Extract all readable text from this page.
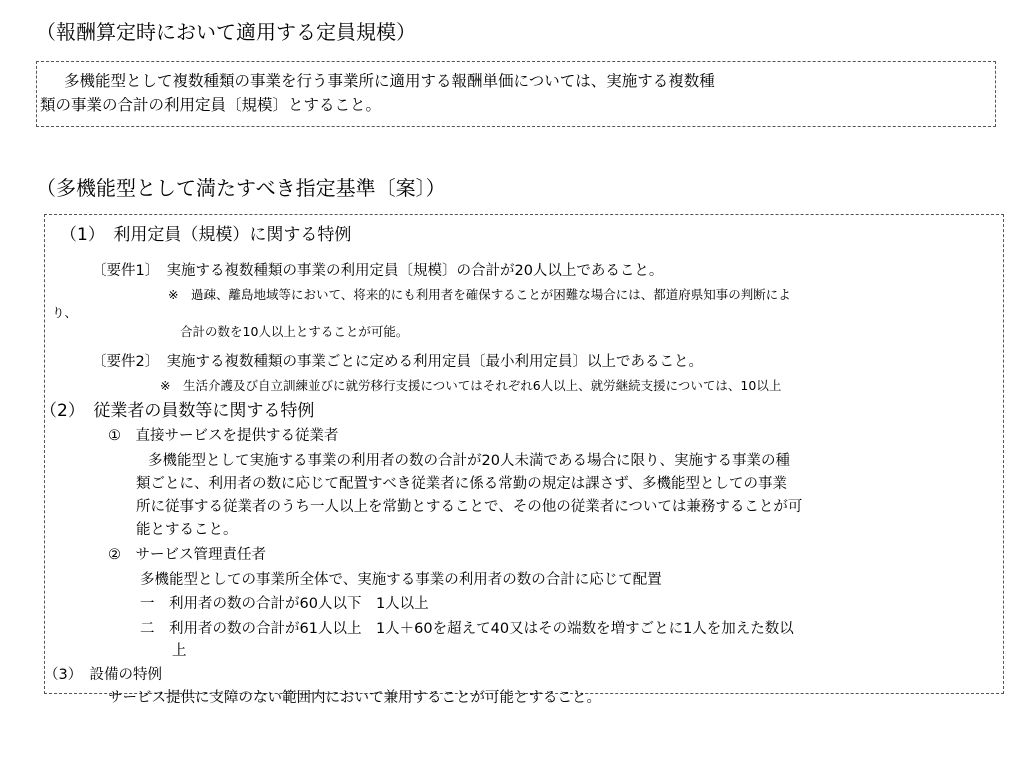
（報酬算定時において適用する定員規模）
多機能型として複数種類の事業を行う事業所に適用する報酬単価については、実施する複数種
類の事業の合計の利用定員〔規模〕とすること。
（多機能型として満たすべき指定基準〔案〕）
（1）　利用定員（規模）に関する特例
〔要件1〕　実施する複数種類の事業の利用定員〔規模〕の合計が20人以上であること。
※　過疎、離島地域等において、将来的にも利用者を確保することが困難な場合には、都道府県知事の判断によ
り、
合計の数を10人以上とすることが可能。
〔要件2〕　実施する複数種類の事業ごとに定める利用定員〔最小利用定員〕以上であること。
※　生活介護及び自立訓練並びに就労移行支援についてはそれぞれ6人以上、就労継続支援については、10以上
（2）　従業者の員数等に関する特例
①　直接サービスを提供する従業者
多機能型として実施する事業の利用者の数の合計が20人未満である場合に限り、実施する事業の種
類ごとに、利用者の数に応じて配置すべき従業者に係る常勤の規定は課さず、多機能型としての事業
所に従事する従業者のうち一人以上を常勤とすることで、その他の従業者については兼務することが可
能とすること。
②　サービス管理責任者
多機能型としての事業所全体で、実施する事業の利用者の数の合計に応じて配置
一　利用者の数の合計が60人以下　1人以上
二　利用者の数の合計が61人以上　1人＋60を超えて40又はその端数を増すごとに1人を加えた数以
上
（3）　設備の特例
サービス提供に支障のない範囲内において兼用することが可能とすること。
